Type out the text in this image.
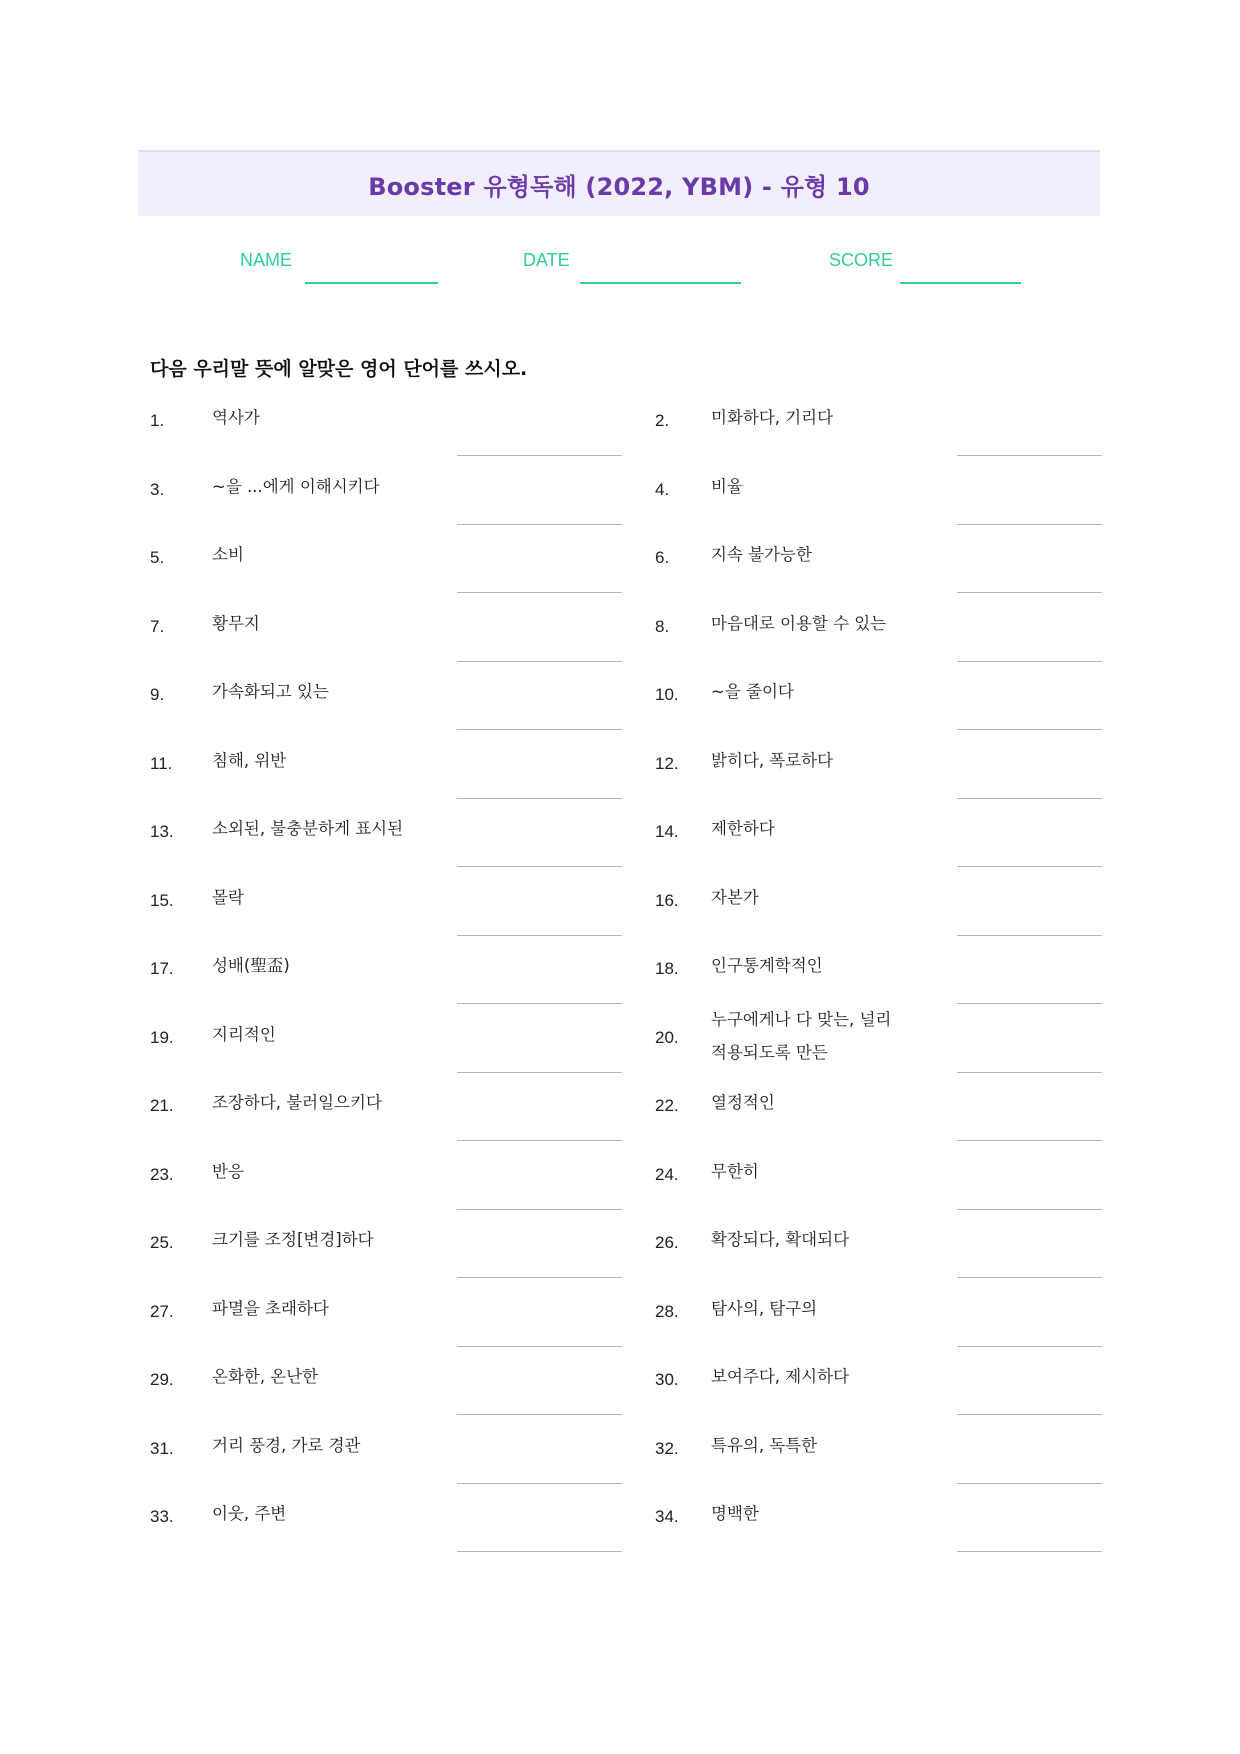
Booster 유형독해 (2022, YBM) - 유형 10
NAME	DATE	SCORE
다음 우리말 뜻에 알맞은 영어 단어를 쓰시오.
1.	역사가	2.	미화하다, 기리다
3.	~을 ...에게 이해시키다	4.	비율
5.	소비	6.	지속 불가능한
7.	황무지	8.	마음대로 이용할 수 있는
9.	가속화되고 있는	10. ~을 줄이다
11. 침해, 위반	12. 밝히다, 폭로하다
13. 소외된, 불충분하게 표시된	14. 제한하다
15. 몰락	16. 자본가
17. 성배(聖盃)	18. 인구통계학적인
19. 지리적인	20.
누구에게나 다 맞는, 널리 적용되도록 만든
21. 조장하다, 불러일으키다	22. 열정적인
23. 반응	24. 무한히
25. 크기를 조정[변경]하다	26. 확장되다, 확대되다
27. 파멸을 초래하다	28. 탐사의, 탐구의
29. 온화한, 온난한	30. 보여주다, 제시하다
31. 거리 풍경, 가로 경관	32. 특유의, 독특한
33. 이웃, 주변	34. 명백한
